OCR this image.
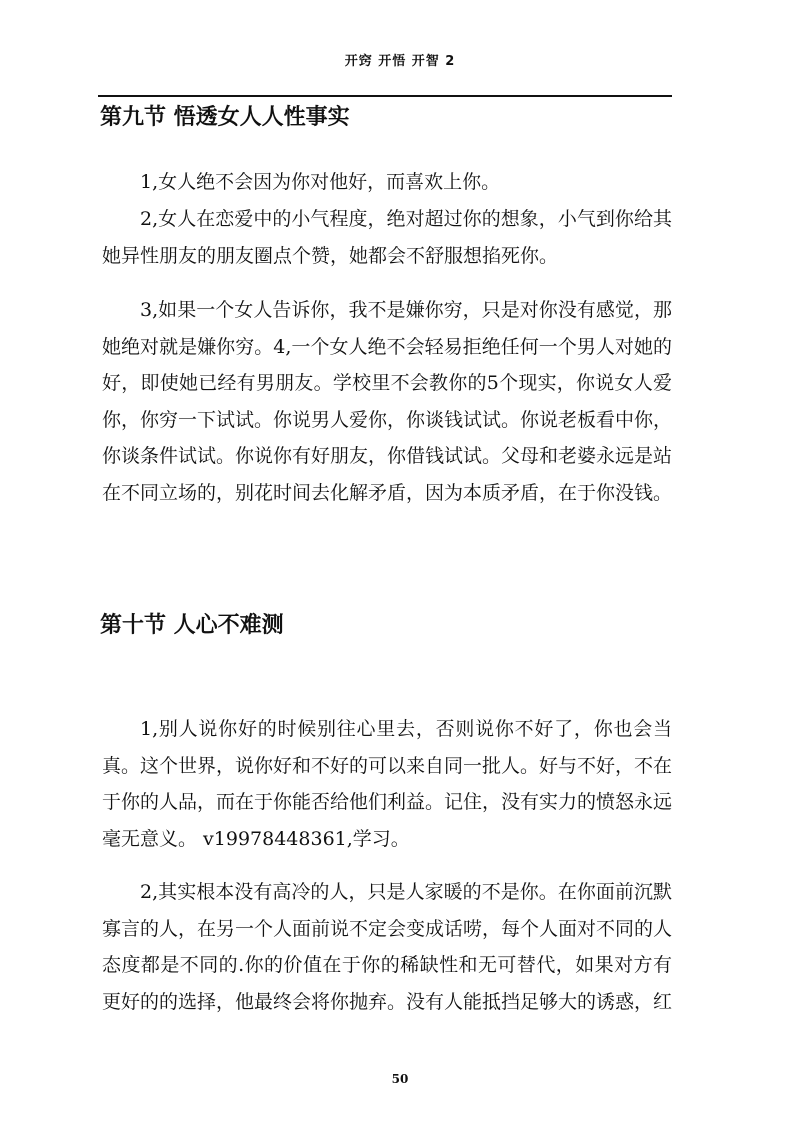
开窍 开悟 开智 2
第九节 悟透女人人性事实

1,女人绝不会因为你对他好，而喜欢上你。

2,女人在恋爱中的小气程度，绝对超过你的想象，小气到你给其她异性朋友的朋友圈点个赞，她都会不舒服想掐死你。

3,如果一个女人告诉你，我不是嫌你穷，只是对你没有感觉，那她绝对就是嫌你穷。4,一个女人绝不会轻易拒绝任何一个男人对她的好，即使她已经有男朋友。学校里不会教你的5个现实，你说女人爱你，你穷一下试试。你说男人爱你，你谈钱试试。你说老板看中你，你谈条件试试。你说你有好朋友，你借钱试试。父母和老婆永远是站在不同立场的，别花时间去化解矛盾，因为本质矛盾，在于你没钱。

第十节 人心不难测

1,别人说你好的时候别往心里去，否则说你不好了，你也会当真。这个世界，说你好和不好的可以来自同一批人。好与不好，不在于你的人品，而在于你能否给他们利益。记住，没有实力的愤怒永远毫无意义。 v19978448361,学习。

2,其实根本没有高冷的人，只是人家暖的不是你。在你面前沉默寡言的人，在另一个人面前说不定会变成话唠，每个人面对不同的人态度都是不同的.你的价值在于你的稀缺性和无可替代，如果对方有更好的的选择，他最终会将你抛弃。没有人能抵挡足够大的诱惑，红

50
